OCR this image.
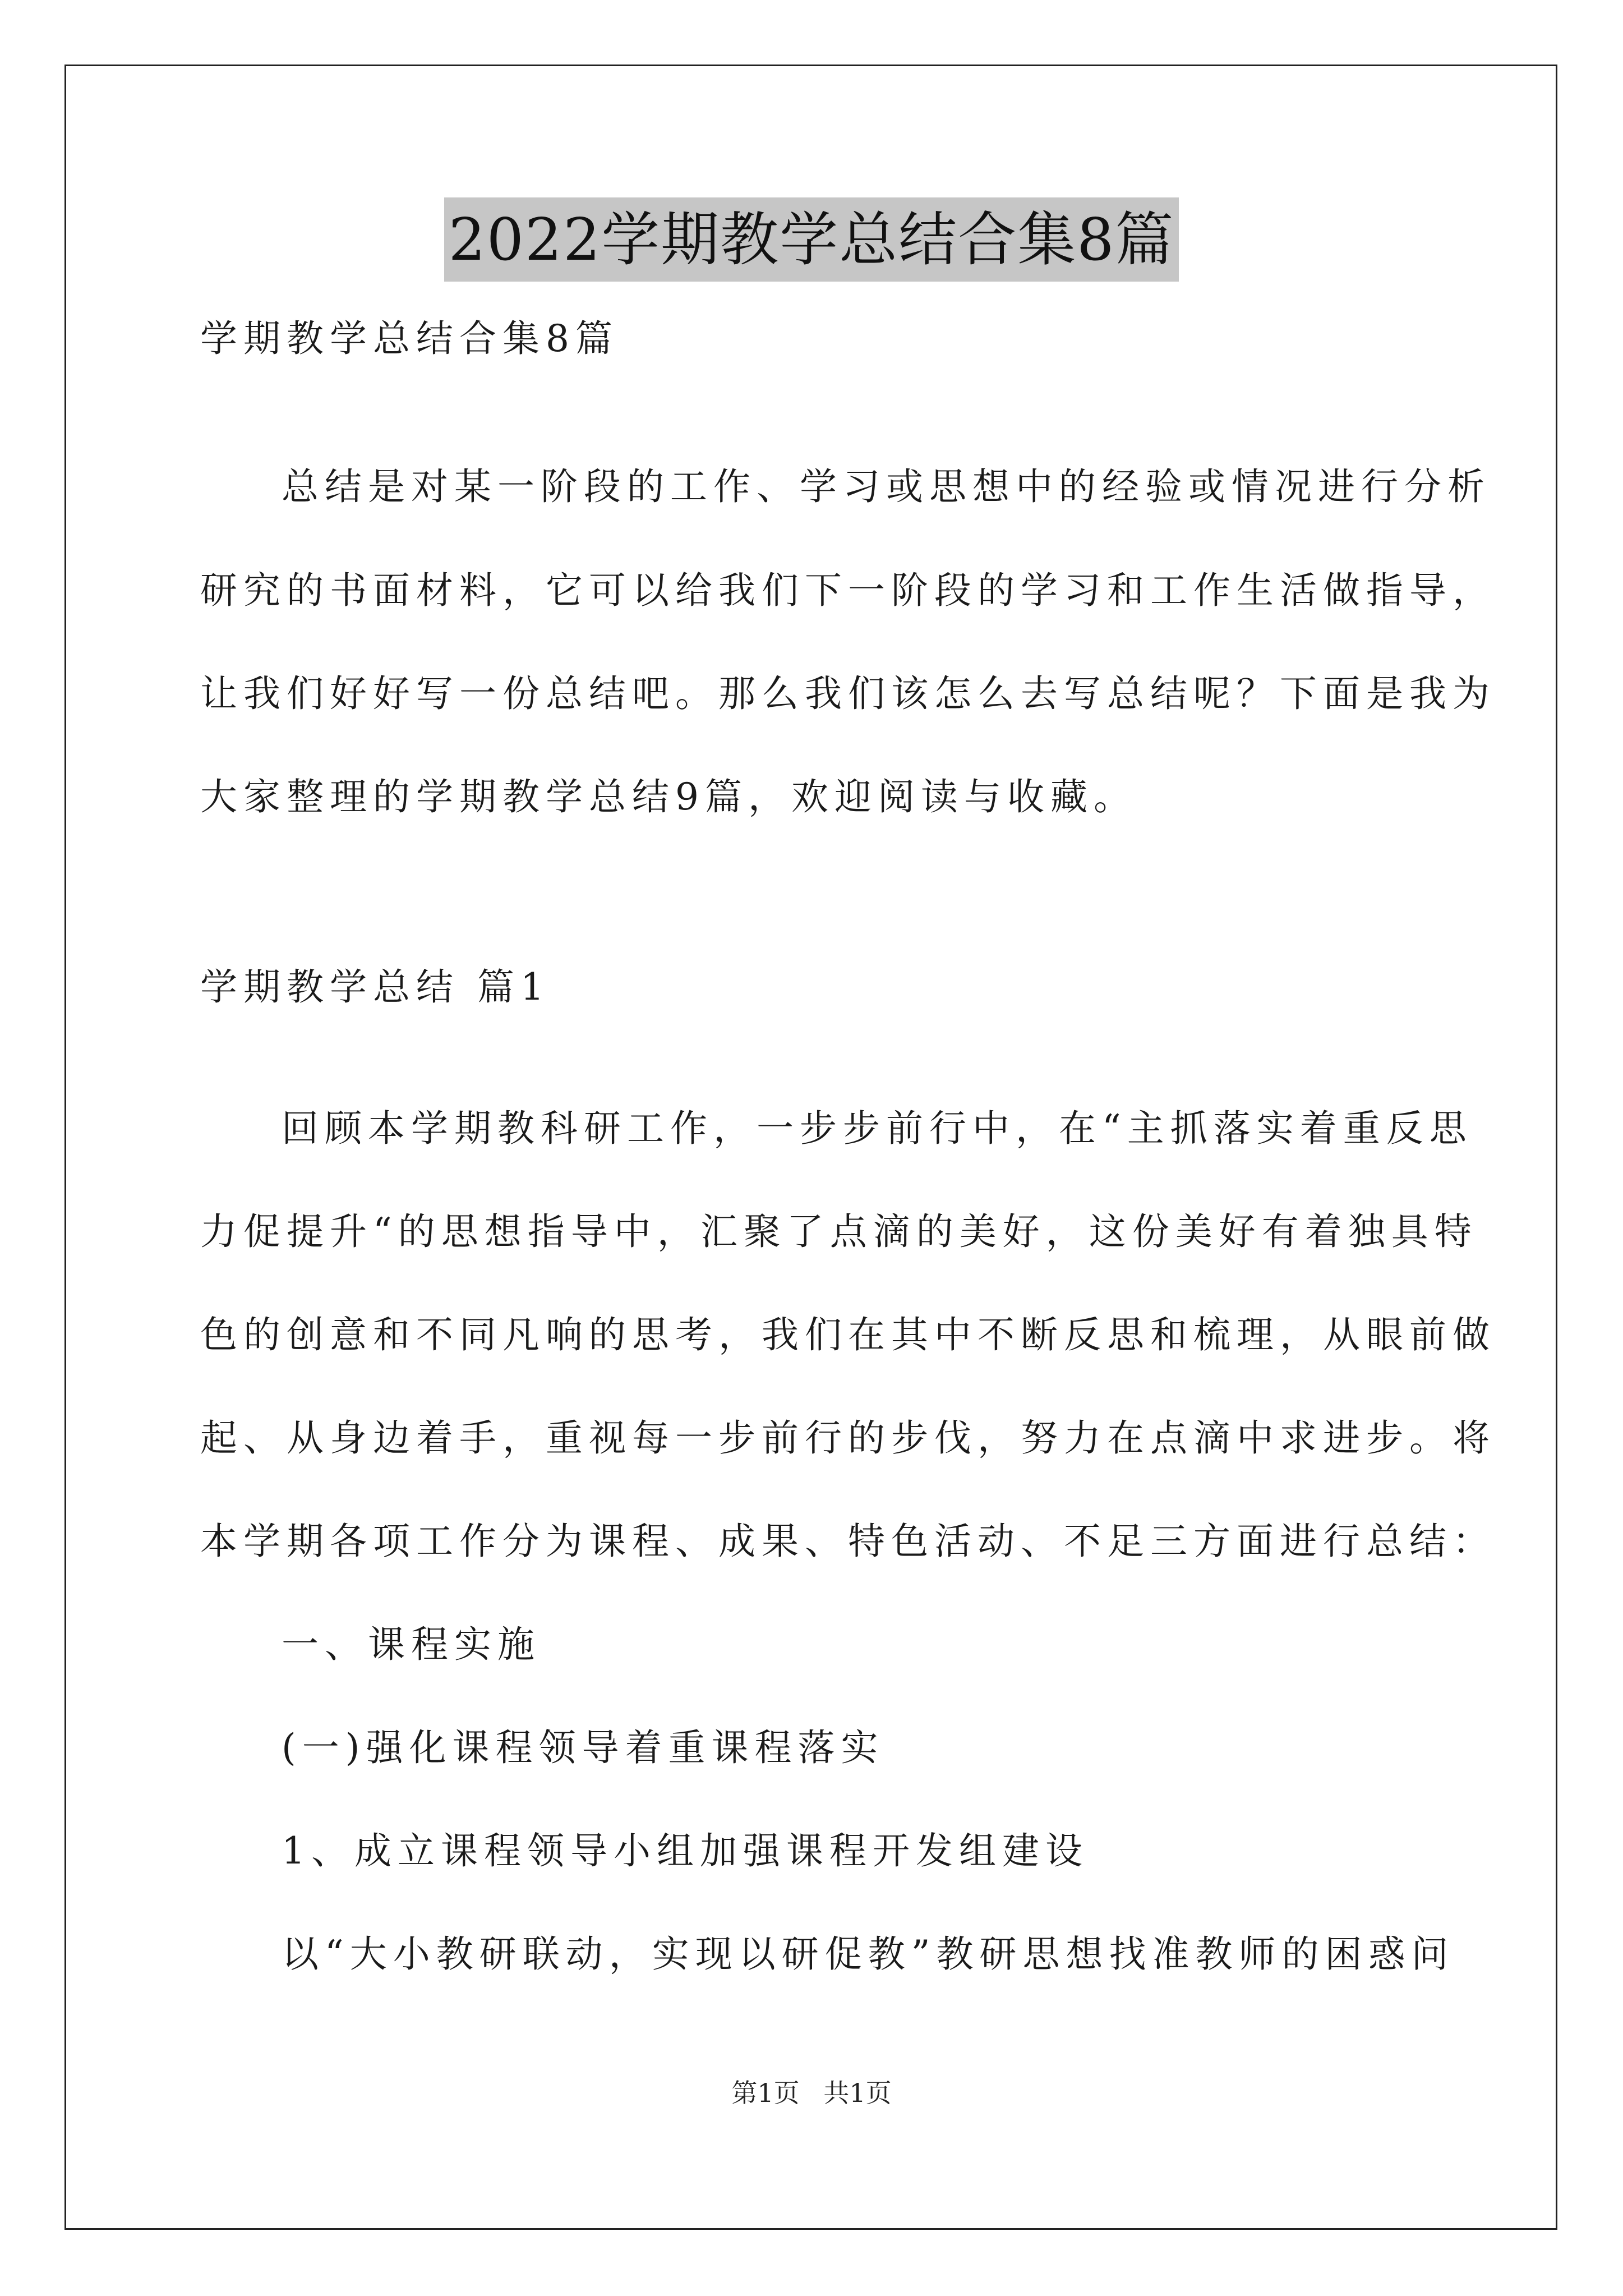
2022学期教学总结合集8篇
学期教学总结合集8篇
总结是对某一阶段的工作、学习或思想中的经验或情况进行分析
研究的书面材料，它可以给我们下一阶段的学习和工作生活做指导，
让我们好好写一份总结吧。那么我们该怎么去写总结呢？下面是我为
大家整理的学期教学总结9篇，欢迎阅读与收藏。
学期教学总结 篇1
回顾本学期教科研工作，一步步前行中，在“主抓落实着重反思
力促提升“的思想指导中，汇聚了点滴的美好，这份美好有着独具特
色的创意和不同凡响的思考，我们在其中不断反思和梳理，从眼前做
起、从身边着手，重视每一步前行的步伐，努力在点滴中求进步。将
本学期各项工作分为课程、成果、特色活动、不足三方面进行总结：
一、课程实施
(一)强化课程领导着重课程落实
1、成立课程领导小组加强课程开发组建设
以“大小教研联动，实现以研促教”教研思想找准教师的困惑问
第1页 共1页
